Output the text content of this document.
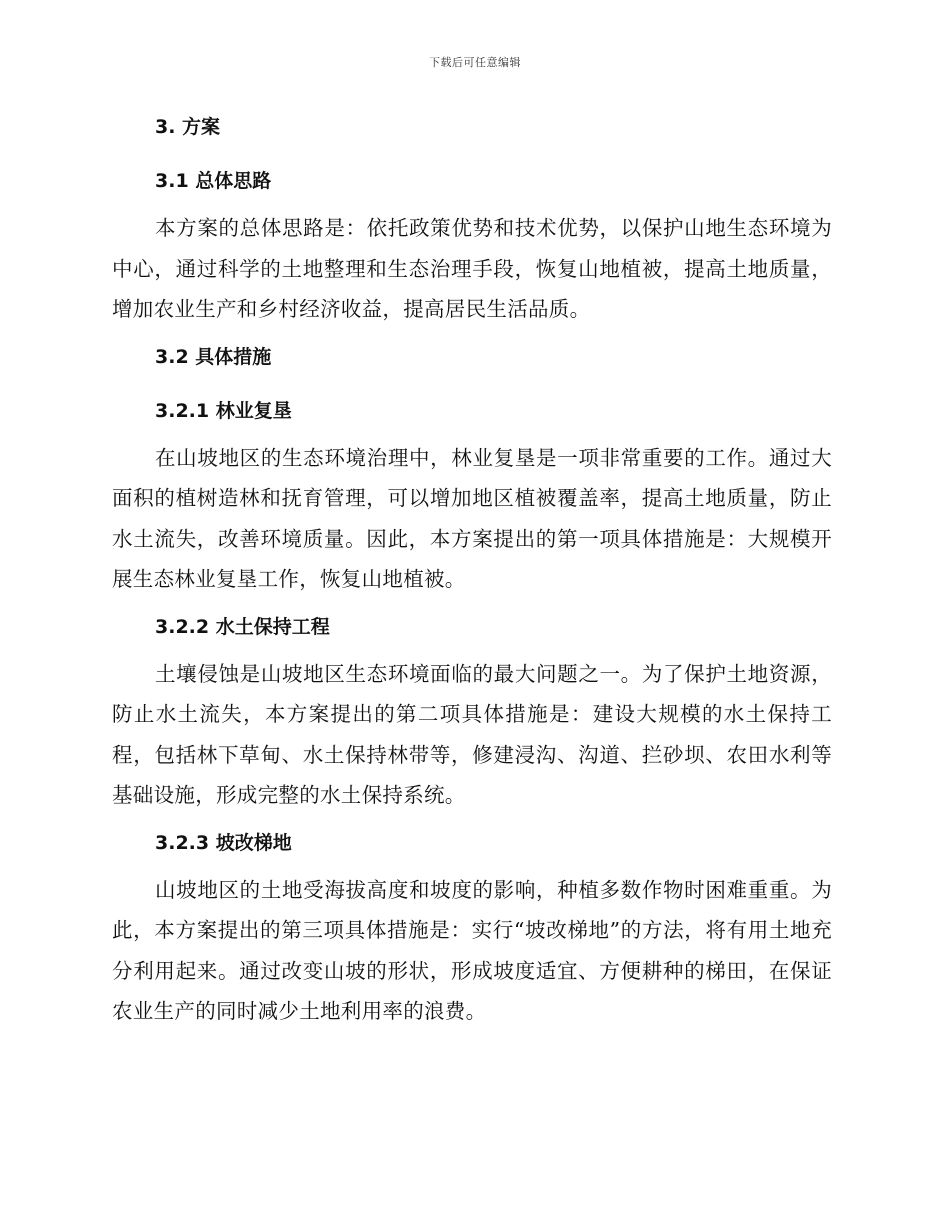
下载后可任意编辑
3. 方案
3.1 总体思路

本方案的总体思路是：依托政策优势和技术优势，以保护山地生态环境为中心，通过科学的土地整理和生态治理手段，恢复山地植被，提高土地质量，增加农业生产和乡村经济收益，提高居民生活品质。

3.2 具体措施
3.2.1 林业复垦

在山坡地区的生态环境治理中，林业复垦是一项非常重要的工作。通过大面积的植树造林和抚育管理，可以增加地区植被覆盖率，提高土地质量，防止水土流失，改善环境质量。因此，本方案提出的第一项具体措施是：大规模开展生态林业复垦工作，恢复山地植被。

3.2.2 水土保持工程

土壤侵蚀是山坡地区生态环境面临的最大问题之一。为了保护土地资源，防止水土流失，本方案提出的第二项具体措施是：建设大规模的水土保持工程，包括林下草甸、水土保持林带等，修建浸沟、沟道、拦砂坝、农田水利等基础设施，形成完整的水土保持系统。

3.2.3 坡改梯地

山坡地区的土地受海拔高度和坡度的影响，种植多数作物时困难重重。为此，本方案提出的第三项具体措施是：实行“坡改梯地”的方法，将有用土地充分利用起来。通过改变山坡的形状，形成坡度适宜、方便耕种的梯田，在保证农业生产的同时减少土地利用率的浪费。
